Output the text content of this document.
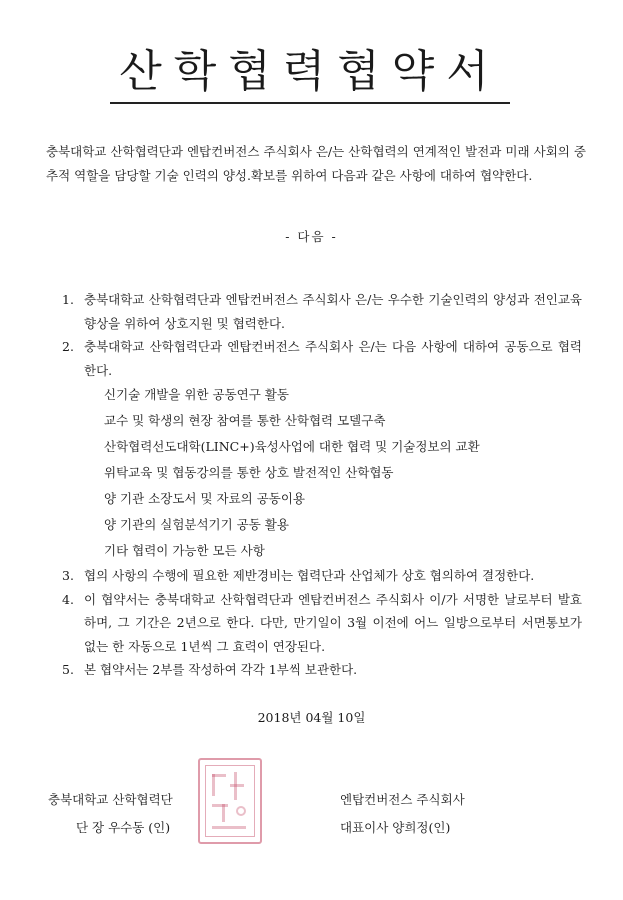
산학협력협약서

충북대학교 산학협력단과 엔탑컨버전스 주식회사 은/는 산학협력의 연계적인 발전과 미래 사회의 중추적 역할을 담당할 기술 인력의 양성.확보를 위하여 다음과 같은 사항에 대하여 협약한다.

- 다음 -
1. 충북대학교 산학협력단과 엔탑컨버전스 주식회사 은/는 우수한 기술인력의 양성과 전인교육향상을 위하여 상호지원 및 협력한다.
2. 충북대학교 산학협력단과 엔탑컨버전스 주식회사 은/는 다음 사항에 대하여 공동으로 협력한다.
신기술 개발을 위한 공동연구 활동
교수 및 학생의 현장 참여를 통한 산학협력 모델구축
산학협력선도대학(LINC+)육성사업에 대한 협력 및 기술정보의 교환
위탁교육 및 협동강의를 통한 상호 발전적인 산학협동
양 기관 소장도서 및 자료의 공동이용
양 기관의 실험분석기기 공동 활용
기타 협력이 가능한 모든 사항
3. 협의 사항의 수행에 필요한 제반경비는 협력단과 산업체가 상호 협의하여 결정한다.
4. 이 협약서는 충북대학교 산학협력단과 엔탑컨버전스 주식회사 이/가 서명한 날로부터 발효하며, 그 기간은 2년으로 한다. 다만, 만기일이 3월 이전에 어느 일방으로부터 서면통보가 없는 한 자동으로 1년씩 그 효력이 연장된다.
5. 본 협약서는 2부를 작성하여 각각 1부씩 보관한다.
2018년 04월 10일
충북대학교 산학협력단
단 장 우수동 (인)
엔탑컨버전스 주식회사
대표이사 양희정(인)
